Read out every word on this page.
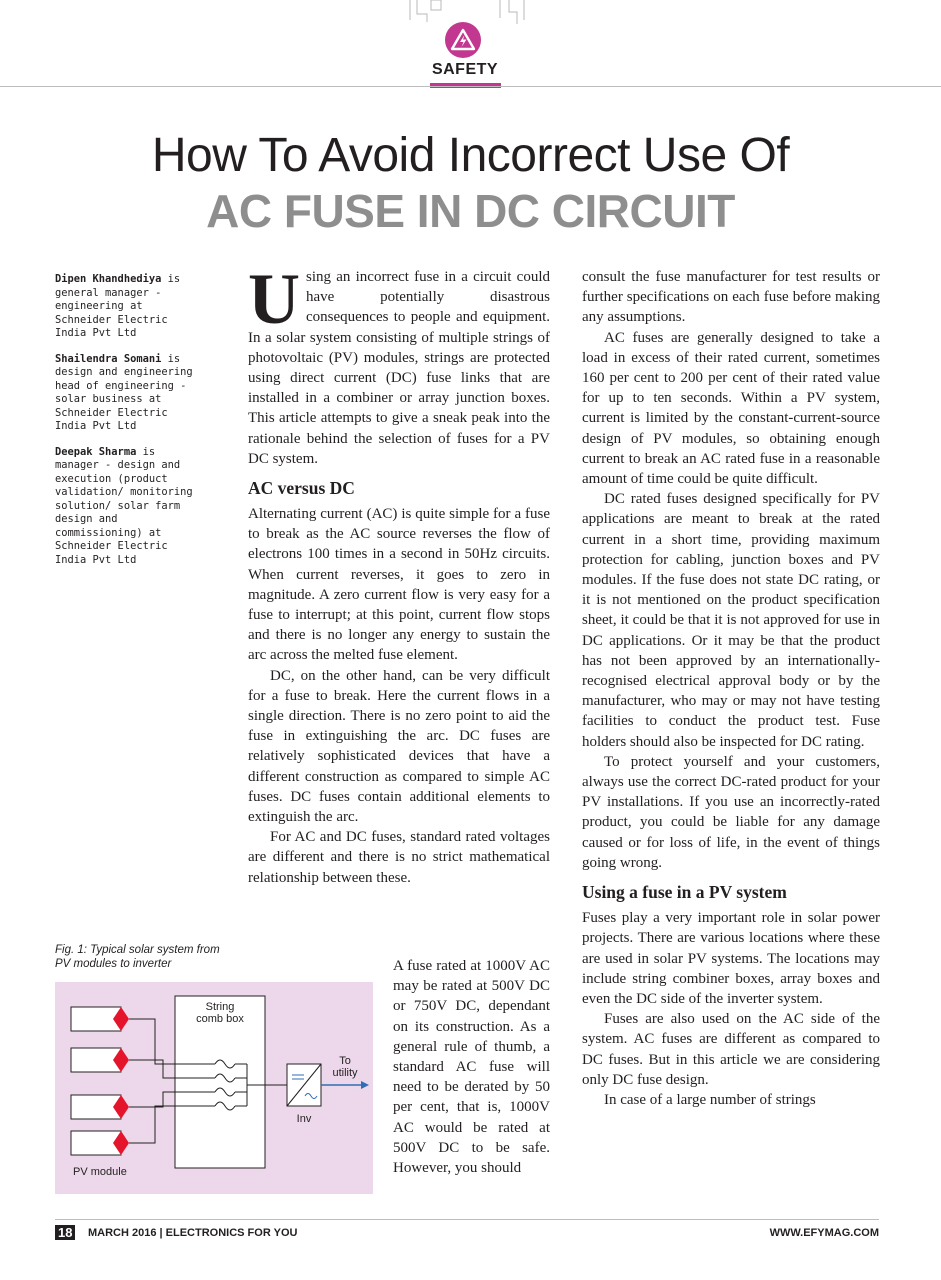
SAFETY
How To Avoid Incorrect Use Of
AC FUSE IN DC CIRCUIT

Dipen Khandhediya is general manager - engineering at Schneider Electric India Pvt Ltd

Shailendra Somani is design and engineering head of engineering - solar business at Schneider Electric India Pvt Ltd

Deepak Sharma is manager - design and execution (product validation/ monitoring solution/ solar farm design and commissioning) at Schneider Electric India Pvt Ltd

Using an incorrect fuse in a circuit could have potentially disastrous consequences to people and equipment. In a solar system consisting of multiple strings of photovoltaic (PV) modules, strings are protected using direct current (DC) fuse links that are installed in a combiner or array junction boxes. This article attempts to give a sneak peak into the rationale behind the selection of fuses for a PV DC system.

AC versus DC

Alternating current (AC) is quite simple for a fuse to break as the AC source reverses the flow of electrons 100 times in a second in 50Hz circuits. When current reverses, it goes to zero in magnitude. A zero current flow is very easy for a fuse to interrupt; at this point, current flow stops and there is no longer any energy to sustain the arc across the melted fuse element.

DC, on the other hand, can be very difficult for a fuse to break. Here the current flows in a single direction. There is no zero point to aid the fuse in extinguishing the arc. DC fuses are relatively sophisticated devices that have a different construction as compared to simple AC fuses. DC fuses contain additional elements to extinguish the arc.

For AC and DC fuses, standard rated voltages are different and there is no strict mathematical relationship between these.

A fuse rated at 1000V AC may be rated at 500V DC or 750V DC, dependant on its construction. As a general rule of thumb, a standard AC fuse will need to be derated by 50 per cent, that is, 1000V AC would be rated at 500V DC to be safe. However, you should

consult the fuse manufacturer for test results or further specifications on each fuse before making any assumptions.

AC fuses are generally designed to take a load in excess of their rated current, sometimes 160 per cent to 200 per cent of their rated value for up to ten seconds. Within a PV system, current is limited by the constant-current-source design of PV modules, so obtaining enough current to break an AC rated fuse in a reasonable amount of time could be quite difficult.

DC rated fuses designed specifically for PV applications are meant to break at the rated current in a short time, providing maximum protection for cabling, junction boxes and PV modules. If the fuse does not state DC rating, or it is not mentioned on the product specification sheet, it could be that it is not approved for use in DC applications. Or it may be that the product has not been approved by an internationally-recognised electrical approval body or by the manufacturer, who may or may not have testing facilities to conduct the product test. Fuse holders should also be inspected for DC rating.

To protect yourself and your customers, always use the correct DC-rated product for your PV installations. If you use an incorrectly-rated product, you could be liable for any damage caused or for loss of life, in the event of things going wrong.

Using a fuse in a PV system

Fuses play a very important role in solar power projects. There are various locations where these are used in solar PV systems. The locations may include string combiner boxes, array boxes and even the DC side of the inverter system.

Fuses are also used on the AC side of the system. AC fuses are different as compared to DC fuses. But in this article we are considering only DC fuse design.

In case of a large number of strings

Fig. 1: Typical solar system from PV modules to inverter
String
comb box
To
utility
Inv
PV module
18 MARCH 2016 | ELECTRONICS FOR YOU	WWW.EFYMAG.COM
